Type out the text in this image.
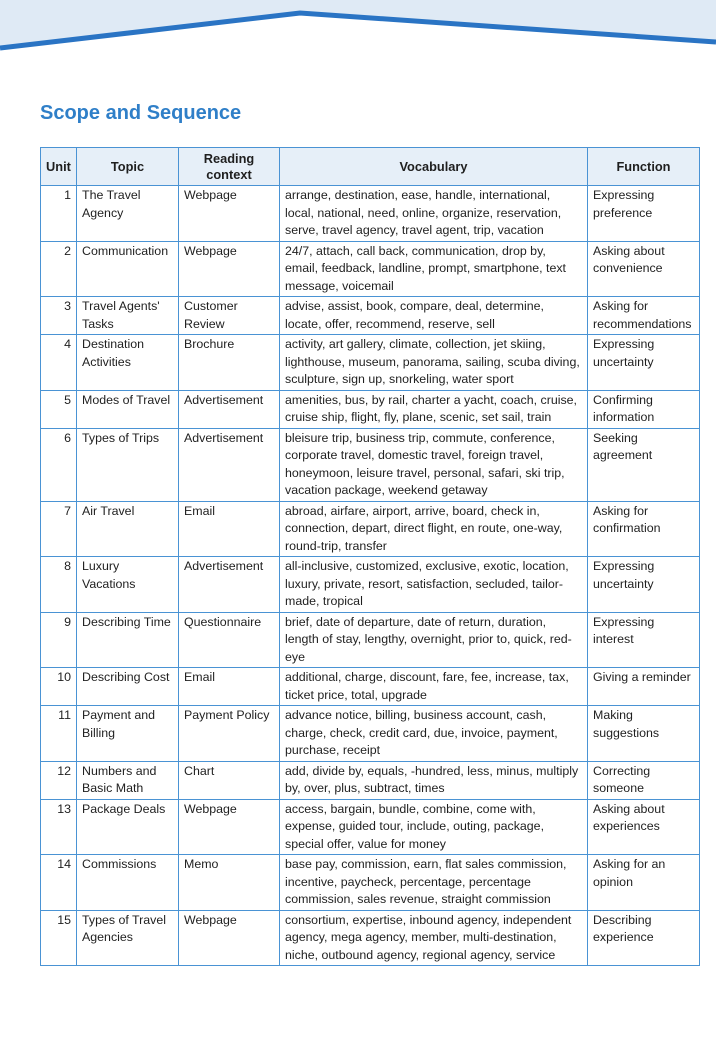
Scope and Sequence
Unit	Topic	Reading context	Vocabulary	Function
1	The Travel Agency	Webpage	arrange, destination, ease, handle, international, local, national, need, online, organize, reservation, serve, travel agency, travel agent, trip, vacation	Expressing preference
2	Communication	Webpage	24/7, attach, call back, communication, drop by, email, feedback, landline, prompt, smartphone, text message, voicemail	Asking about convenience
3	Travel Agents' Tasks	Customer Review	advise, assist, book, compare, deal, determine, locate, offer, recommend, reserve, sell	Asking for recommendations
4	Destination Activities	Brochure	activity, art gallery, climate, collection, jet skiing, lighthouse, museum, panorama, sailing, scuba diving, sculpture, sign up, snorkeling, water sport	Expressing uncertainty
5	Modes of Travel	Advertisement	amenities, bus, by rail, charter a yacht, coach, cruise, cruise ship, flight, fly, plane, scenic, set sail, train	Confirming information
6	Types of Trips	Advertisement	bleisure trip, business trip, commute, conference, corporate travel, domestic travel, foreign travel, honeymoon, leisure travel, personal, safari, ski trip, vacation package, weekend getaway	Seeking agreement
7	Air Travel	Email	abroad, airfare, airport, arrive, board, check in, connection, depart, direct flight, en route, one-way, round-trip, transfer	Asking for confirmation
8	Luxury Vacations	Advertisement	all-inclusive, customized, exclusive, exotic, location, luxury, private, resort, satisfaction, secluded, tailor-made, tropical	Expressing uncertainty
9	Describing Time	Questionnaire	brief, date of departure, date of return, duration, length of stay, lengthy, overnight, prior to, quick, red-eye	Expressing interest
10	Describing Cost	Email	additional, charge, discount, fare, fee, increase, tax, ticket price, total, upgrade	Giving a reminder
11	Payment and Billing	Payment Policy	advance notice, billing, business account, cash, charge, check, credit card, due, invoice, payment, purchase, receipt	Making suggestions
12	Numbers and Basic Math	Chart	add, divide by, equals, -hundred, less, minus, multiply by, over, plus, subtract, times	Correcting someone
13	Package Deals	Webpage	access, bargain, bundle, combine, come with, expense, guided tour, include, outing, package, special offer, value for money	Asking about experiences
14	Commissions	Memo	base pay, commission, earn, flat sales commission, incentive, paycheck, percentage, percentage commission, sales revenue, straight commission	Asking for an opinion
15	Types of Travel Agencies	Webpage	consortium, expertise, inbound agency, independent agency, mega agency, member, multi-destination, niche, outbound agency, regional agency, service	Describing experience
